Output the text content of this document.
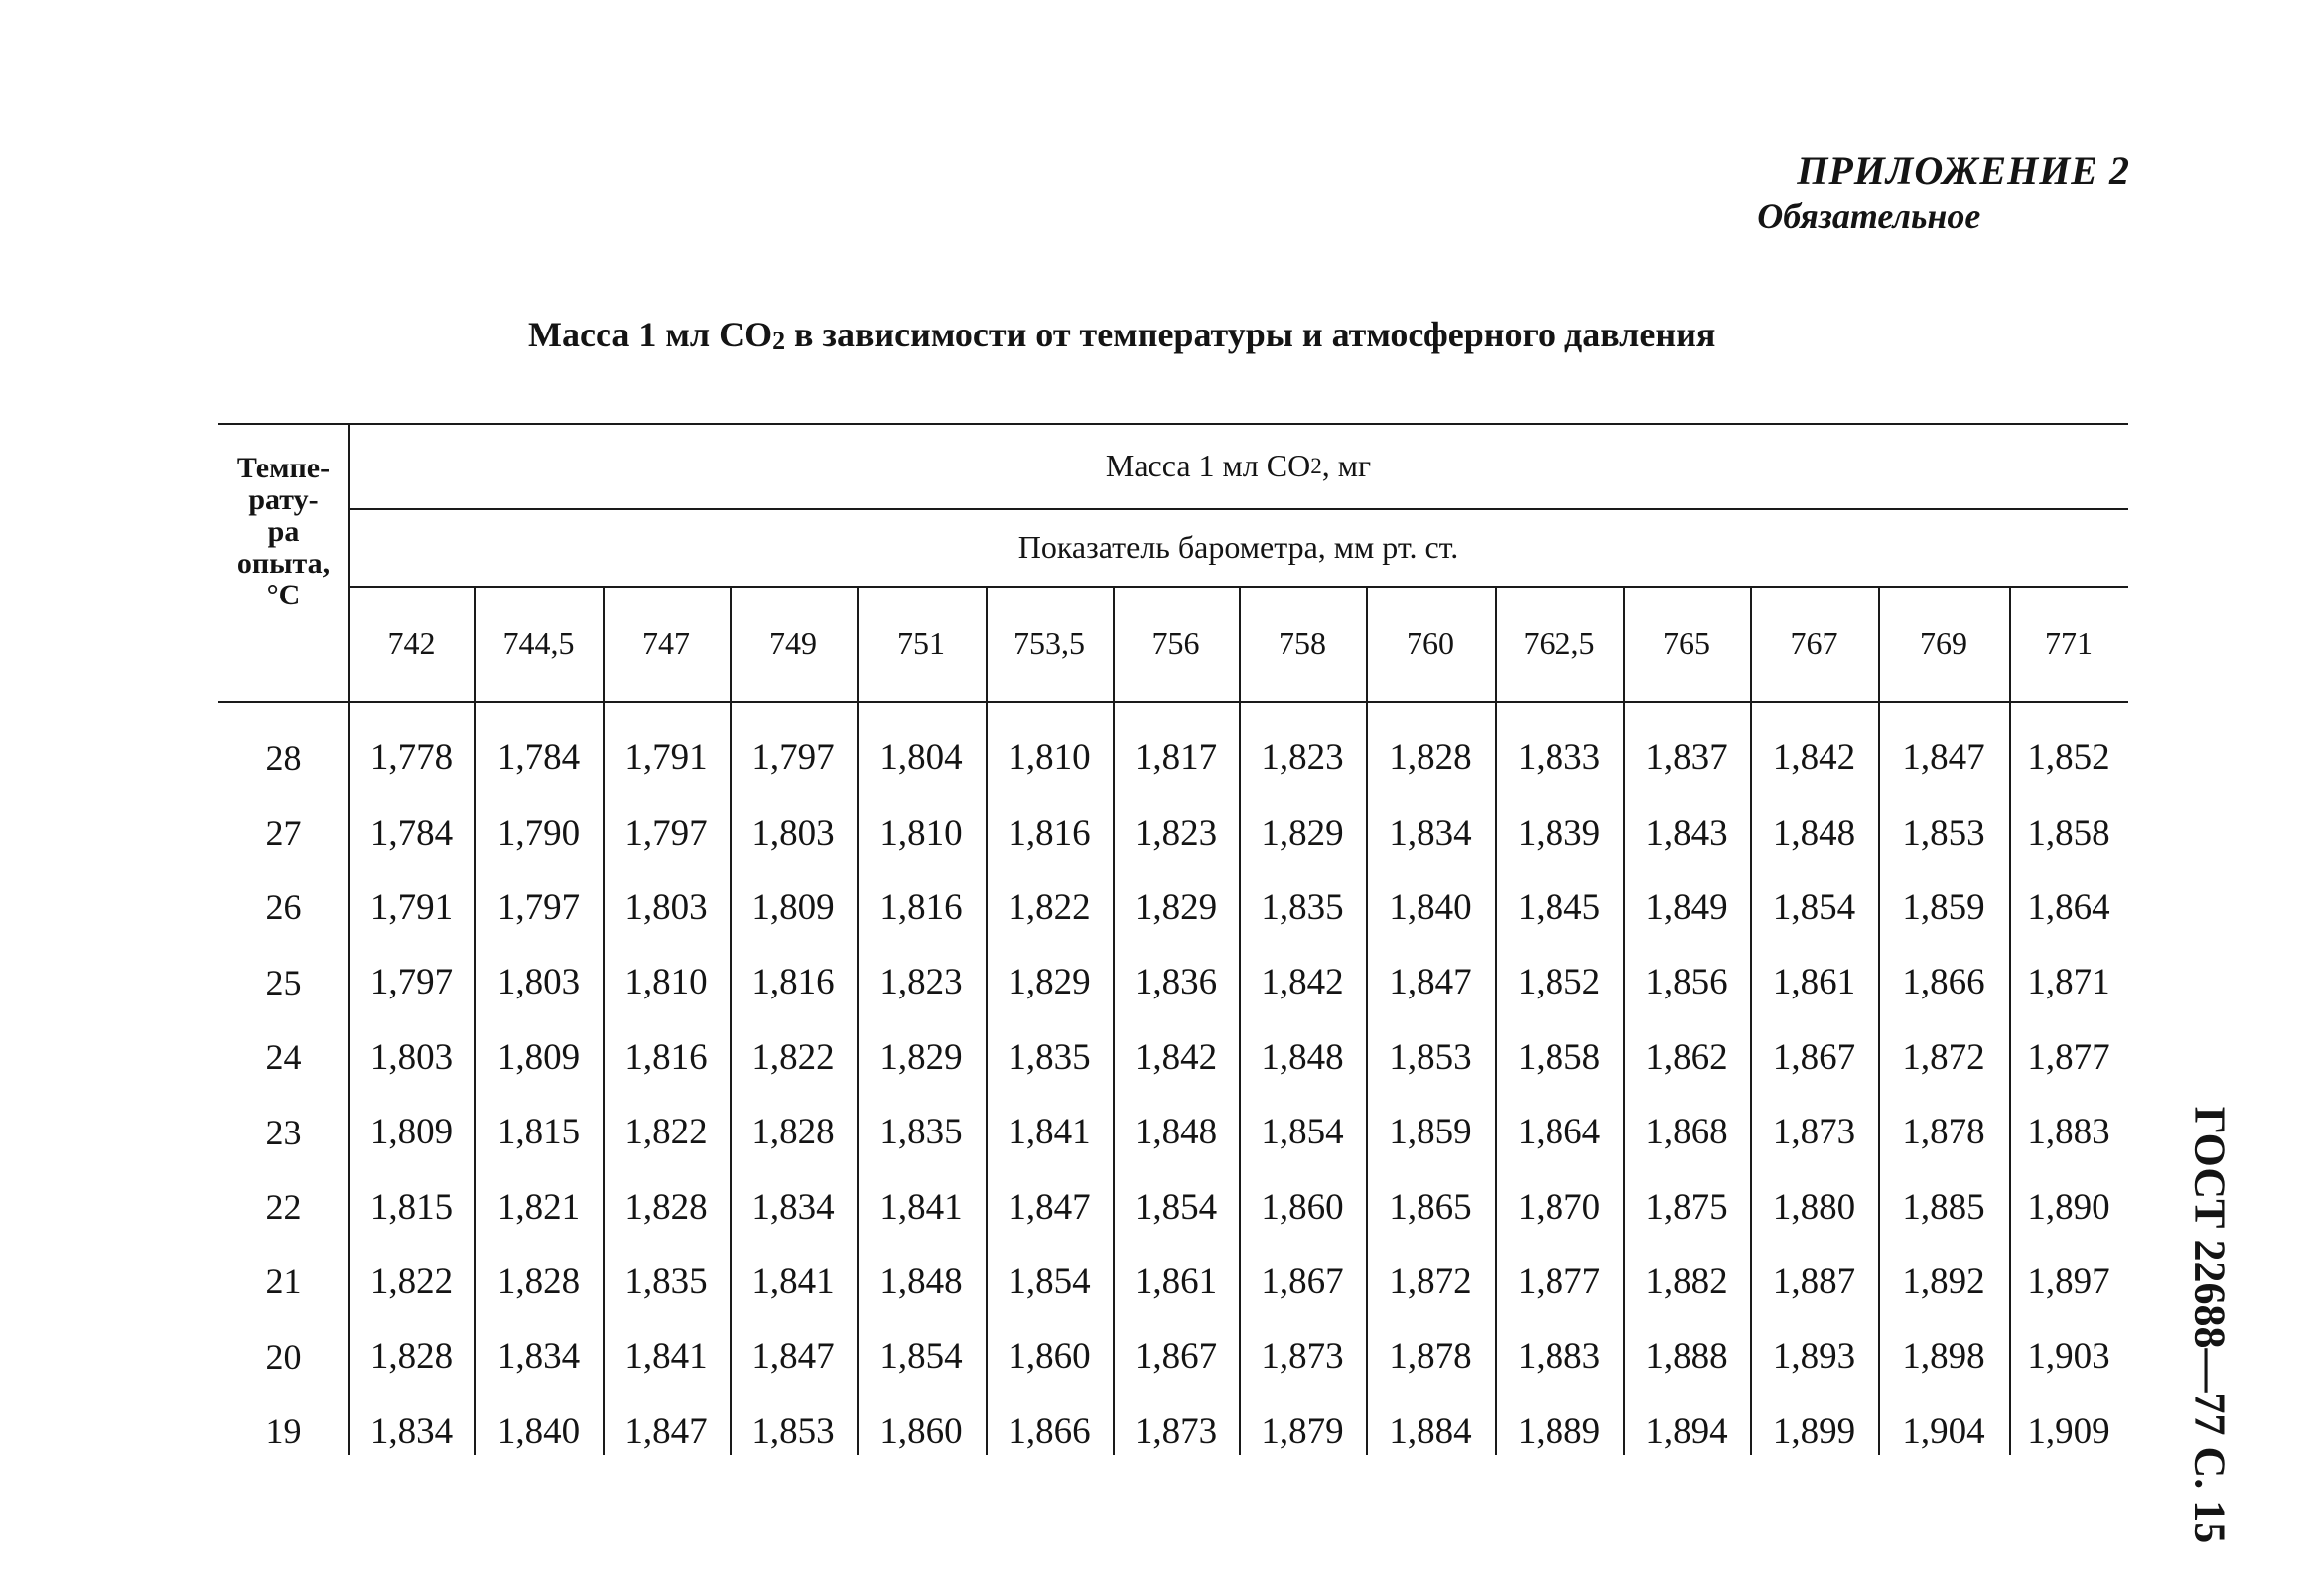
ПРИЛОЖЕНИЕ 2
Обязательное
Масса 1 мл $CO_2$ в зависимости от температуры и атмосферного давления
ГОСТ 22688—77 С. 15
Темпе-
рату-
ра
опыта,
°С
Масса 1 мл CO 2 , мг
Показатель барометра, мм рт. ст.
742	744,5	747	749	751	753,5	756	758	760	762,5	765	767	769	771
28	1,778	1,784	1,791	1,797	1,804	1,810	1,817	1,823	1,828	1,833	1,837	1,842	1,847	1,852
27	1,784	1,790	1,797	1,803	1,810	1,816	1,823	1,829	1,834	1,839	1,843	1,848	1,853	1,858
26	1,791	1,797	1,803	1,809	1,816	1,822	1,829	1,835	1,840	1,845	1,849	1,854	1,859	1,864
25	1,797	1,803	1,810	1,816	1,823	1,829	1,836	1,842	1,847	1,852	1,856	1,861	1,866	1,871
24	1,803	1,809	1,816	1,822	1,829	1,835	1,842	1,848	1,853	1,858	1,862	1,867	1,872	1,877
23	1,809	1,815	1,822	1,828	1,835	1,841	1,848	1,854	1,859	1,864	1,868	1,873	1,878	1,883
22	1,815	1,821	1,828	1,834	1,841	1,847	1,854	1,860	1,865	1,870	1,875	1,880	1,885	1,890
21	1,822	1,828	1,835	1,841	1,848	1,854	1,861	1,867	1,872	1,877	1,882	1,887	1,892	1,897
20	1,828	1,834	1,841	1,847	1,854	1,860	1,867	1,873	1,878	1,883	1,888	1,893	1,898	1,903
19	1,834	1,840	1,847	1,853	1,860	1,866	1,873	1,879	1,884	1,889	1,894	1,899	1,904	1,909
